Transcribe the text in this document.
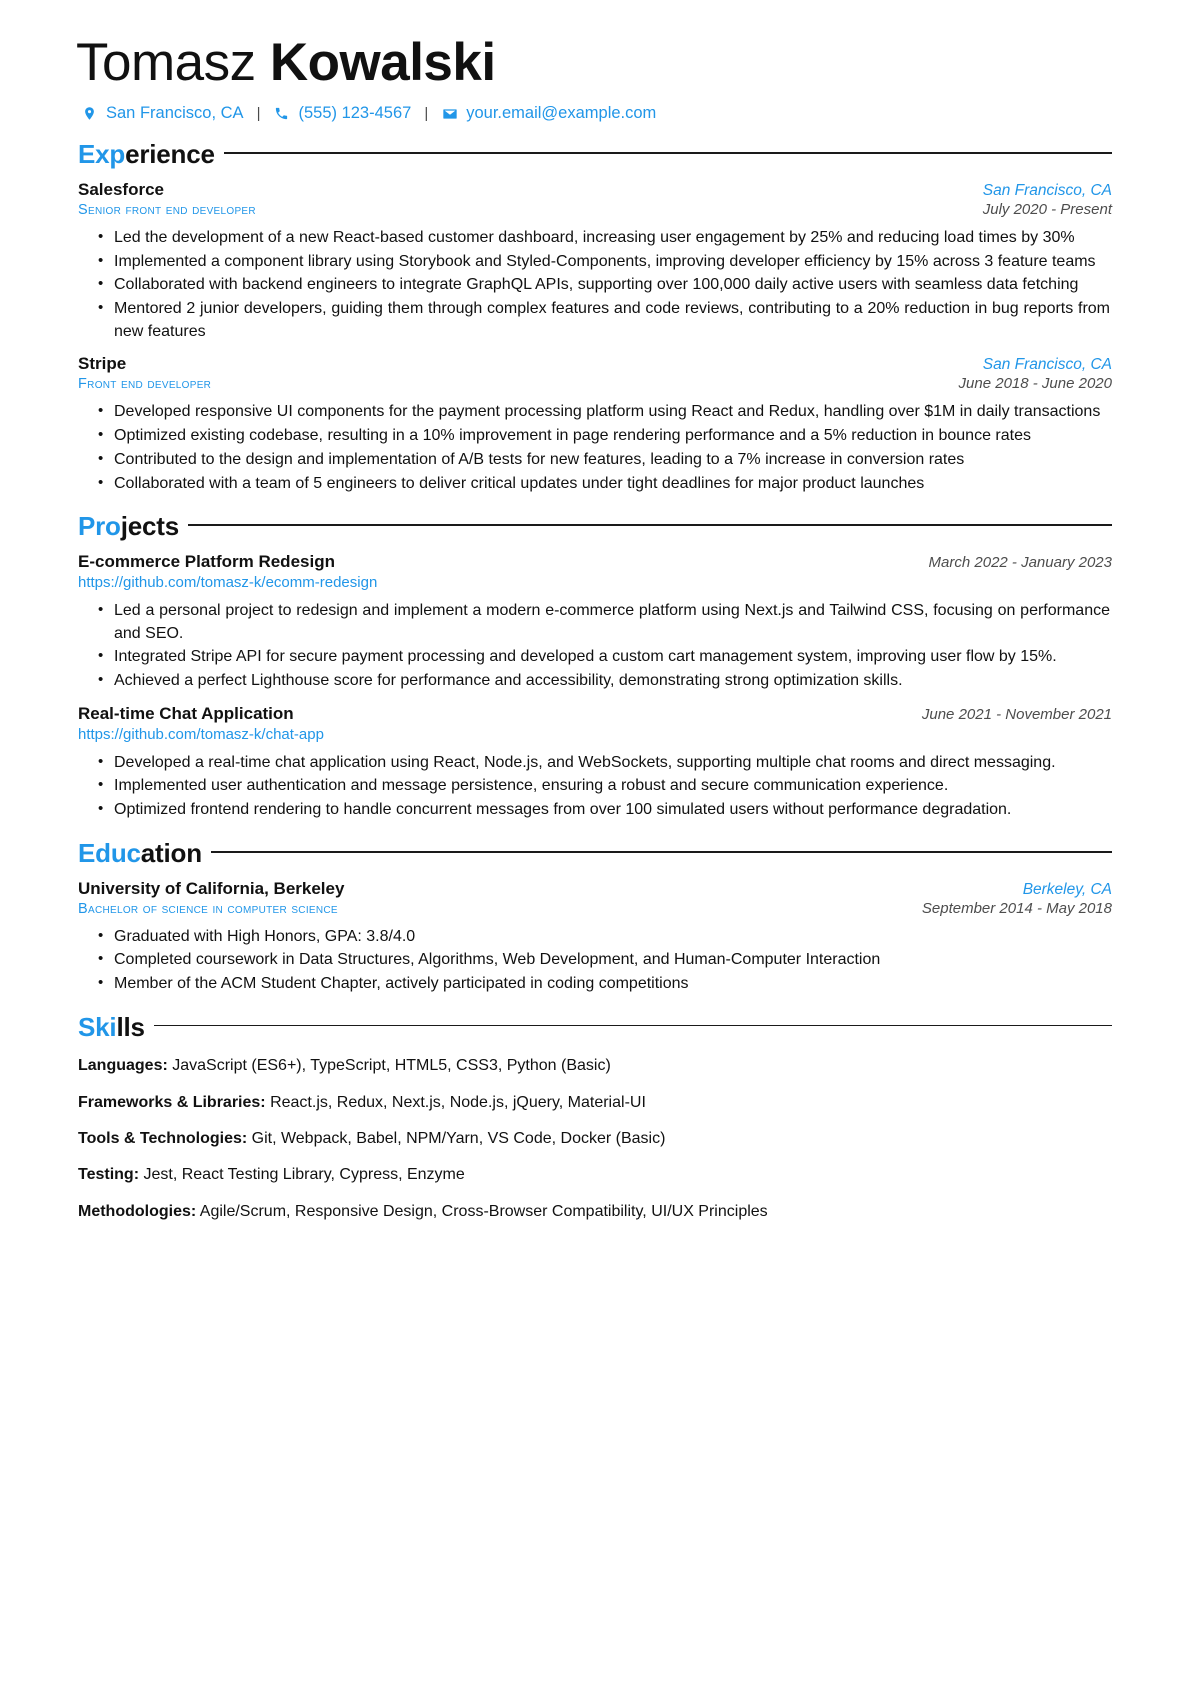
Tomasz Kowalski
San Francisco, CA | (555) 123-4567 | your.email@example.com
Experience
Salesforce	San Francisco, CA
Senior front end developer	July 2020 - Present
• Led the development of a new React-based customer dashboard, increasing user engagement by 25% and reducing load times by 30%
• Implemented a component library using Storybook and Styled-Components, improving developer efficiency by 15% across 3 feature teams
• Collaborated with backend engineers to integrate GraphQL APIs, supporting over 100,000 daily active users with seamless data fetching
• Mentored 2 junior developers, guiding them through complex features and code reviews, contributing to a 20% reduction in bug reports from new features
Stripe	San Francisco, CA
Front end developer	June 2018 - June 2020
• Developed responsive UI components for the payment processing platform using React and Redux, handling over $1M in daily transactions
• Optimized existing codebase, resulting in a 10% improvement in page rendering performance and a 5% reduction in bounce rates
• Contributed to the design and implementation of A/B tests for new features, leading to a 7% increase in conversion rates
• Collaborated with a team of 5 engineers to deliver critical updates under tight deadlines for major product launches
Projects
E-commerce Platform Redesign	March 2022 - January 2023
https://github.com/tomasz-k/ecomm-redesign
• Led a personal project to redesign and implement a modern e-commerce platform using Next.js and Tailwind CSS, focusing on performance and SEO.
• Integrated Stripe API for secure payment processing and developed a custom cart management system, improving user flow by 15%.
• Achieved a perfect Lighthouse score for performance and accessibility, demonstrating strong optimization skills.
Real-time Chat Application	June 2021 - November 2021
https://github.com/tomasz-k/chat-app
• Developed a real-time chat application using React, Node.js, and WebSockets, supporting multiple chat rooms and direct messaging.
• Implemented user authentication and message persistence, ensuring a robust and secure communication experience.
• Optimized frontend rendering to handle concurrent messages from over 100 simulated users without performance degradation.
Education
University of California, Berkeley	Berkeley, CA
Bachelor of science in computer science	September 2014 - May 2018
• Graduated with High Honors, GPA: 3.8/4.0
• Completed coursework in Data Structures, Algorithms, Web Development, and Human-Computer Interaction
• Member of the ACM Student Chapter, actively participated in coding competitions
Skills
Languages: JavaScript (ES6+), TypeScript, HTML5, CSS3, Python (Basic)
Frameworks & Libraries: React.js, Redux, Next.js, Node.js, jQuery, Material-UI
Tools & Technologies: Git, Webpack, Babel, NPM/Yarn, VS Code, Docker (Basic)
Testing: Jest, React Testing Library, Cypress, Enzyme
Methodologies: Agile/Scrum, Responsive Design, Cross-Browser Compatibility, UI/UX Principles
